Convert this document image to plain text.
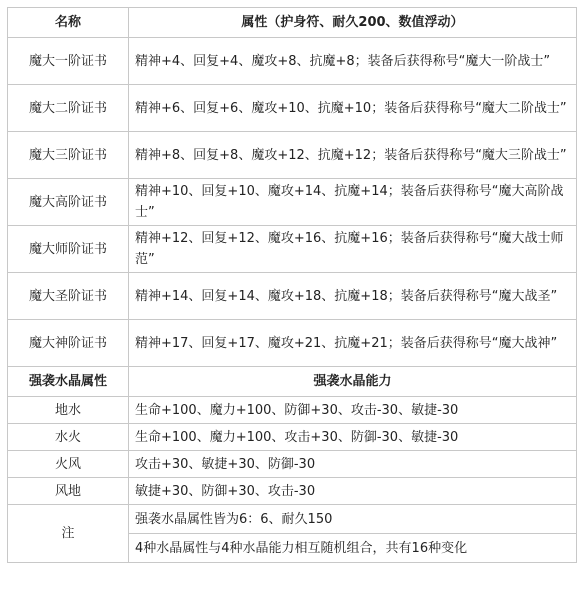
名称	属性（护身符、耐久200、数值浮动）
魔大一阶证书	精神+4、回复+4、魔攻+8、抗魔+8；装备后获得称号“魔大一阶战士”
魔大二阶证书	精神+6、回复+6、魔攻+10、抗魔+10；装备后获得称号“魔大二阶战士”
魔大三阶证书	精神+8、回复+8、魔攻+12、抗魔+12；装备后获得称号“魔大三阶战士”
魔大高阶证书	精神+10、回复+10、魔攻+14、抗魔+14；装备后获得称号“魔大高阶战士”
魔大师阶证书	精神+12、回复+12、魔攻+16、抗魔+16；装备后获得称号“魔大战士师范”
魔大圣阶证书	精神+14、回复+14、魔攻+18、抗魔+18；装备后获得称号“魔大战圣”
魔大神阶证书	精神+17、回复+17、魔攻+21、抗魔+21；装备后获得称号“魔大战神”
强袭水晶属性	强袭水晶能力
地水	生命+100、魔力+100、防御+30、攻击-30、敏捷-30
水火	生命+100、魔力+100、攻击+30、防御-30、敏捷-30
火风	攻击+30、敏捷+30、防御-30
风地	敏捷+30、防御+30、攻击-30
注	强袭水晶属性皆为6：6、耐久150
	4种水晶属性与4种水晶能力相互随机组合，共有16种变化
